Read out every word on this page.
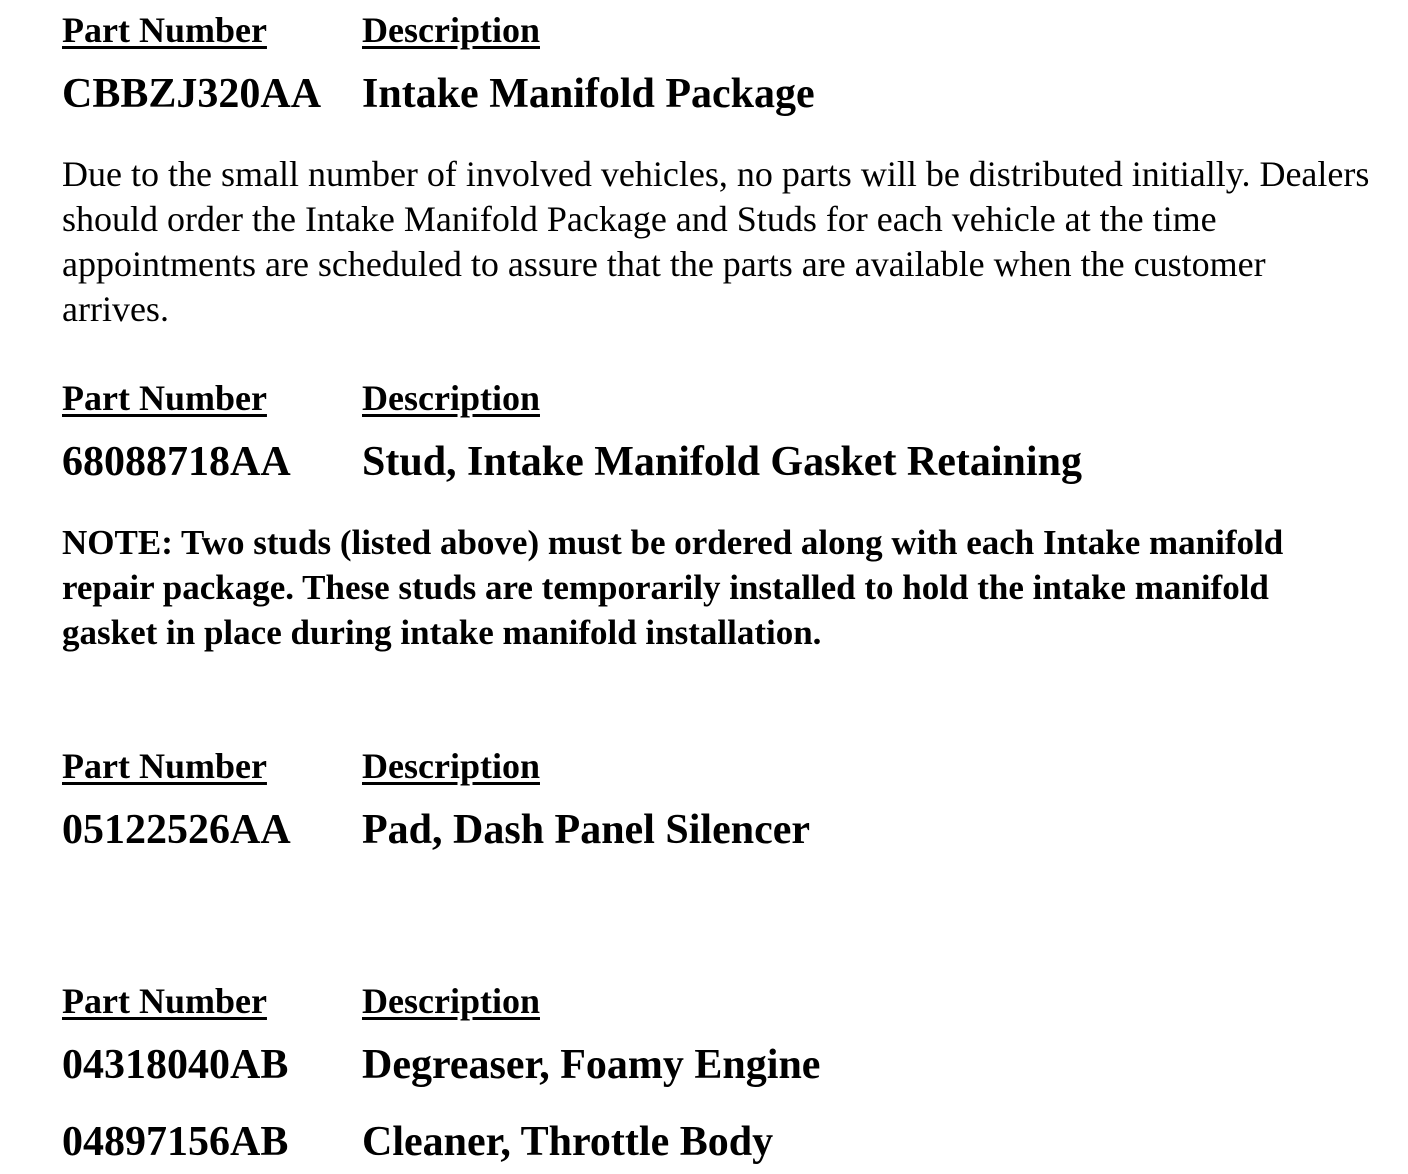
Part Number	Description
CBBZJ320AA Intake Manifold Package
Due to the small number of involved vehicles, no parts will be distributed initially. Dealers should order the Intake Manifold Package and Studs for each vehicle at the time appointments are scheduled to assure that the parts are available when the customer arrives.
Part Number	Description
68088718AA Stud, Intake Manifold Gasket Retaining
NOTE: Two studs (listed above) must be ordered along with each Intake manifold repair package. These studs are temporarily installed to hold the intake manifold gasket in place during intake manifold installation.
Part Number	Description
05122526AA Pad, Dash Panel Silencer
Part Number	Description
04318040AB Degreaser, Foamy Engine
04897156AB Cleaner, Throttle Body
